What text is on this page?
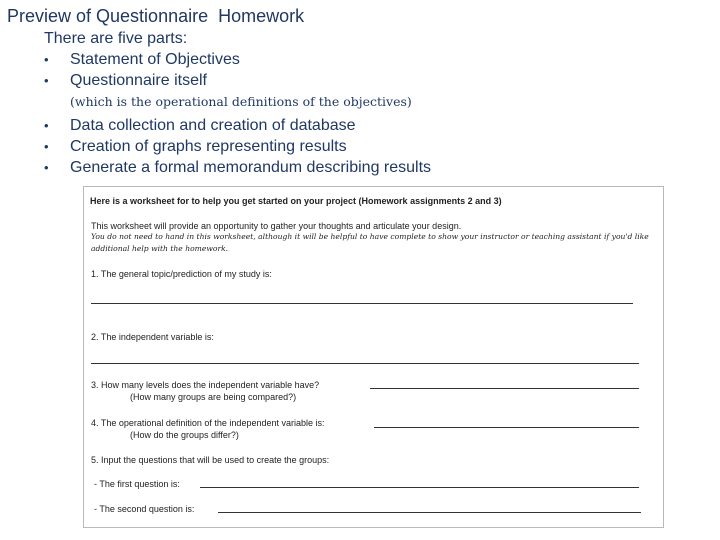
Preview of Questionnaire  Homework
There are five parts:
•	Statement of Objectives
•	Questionnaire itself
(which is the operational definitions of the objectives)
•	Data collection and creation of database
•	Creation of graphs representing results
•	Generate a formal memorandum describing results
Here is a worksheet for to help you get started on your project (Homework assignments 2 and 3)
This worksheet will provide an opportunity to gather your thoughts and articulate your design.
You do not need to hand in this worksheet, although it will be helpful to have complete to show your instructor or teaching assistant if you'd like
additional help with the homework.
1. The general topic/prediction of my study is:
2. The independent variable is:
3. How many levels does the independent variable have?
(How many groups are being compared?)
4. The operational definition of the independent variable is:
(How do the groups differ?)
5. Input the questions that will be used to create the groups:
- The first question is:
- The second question is:
